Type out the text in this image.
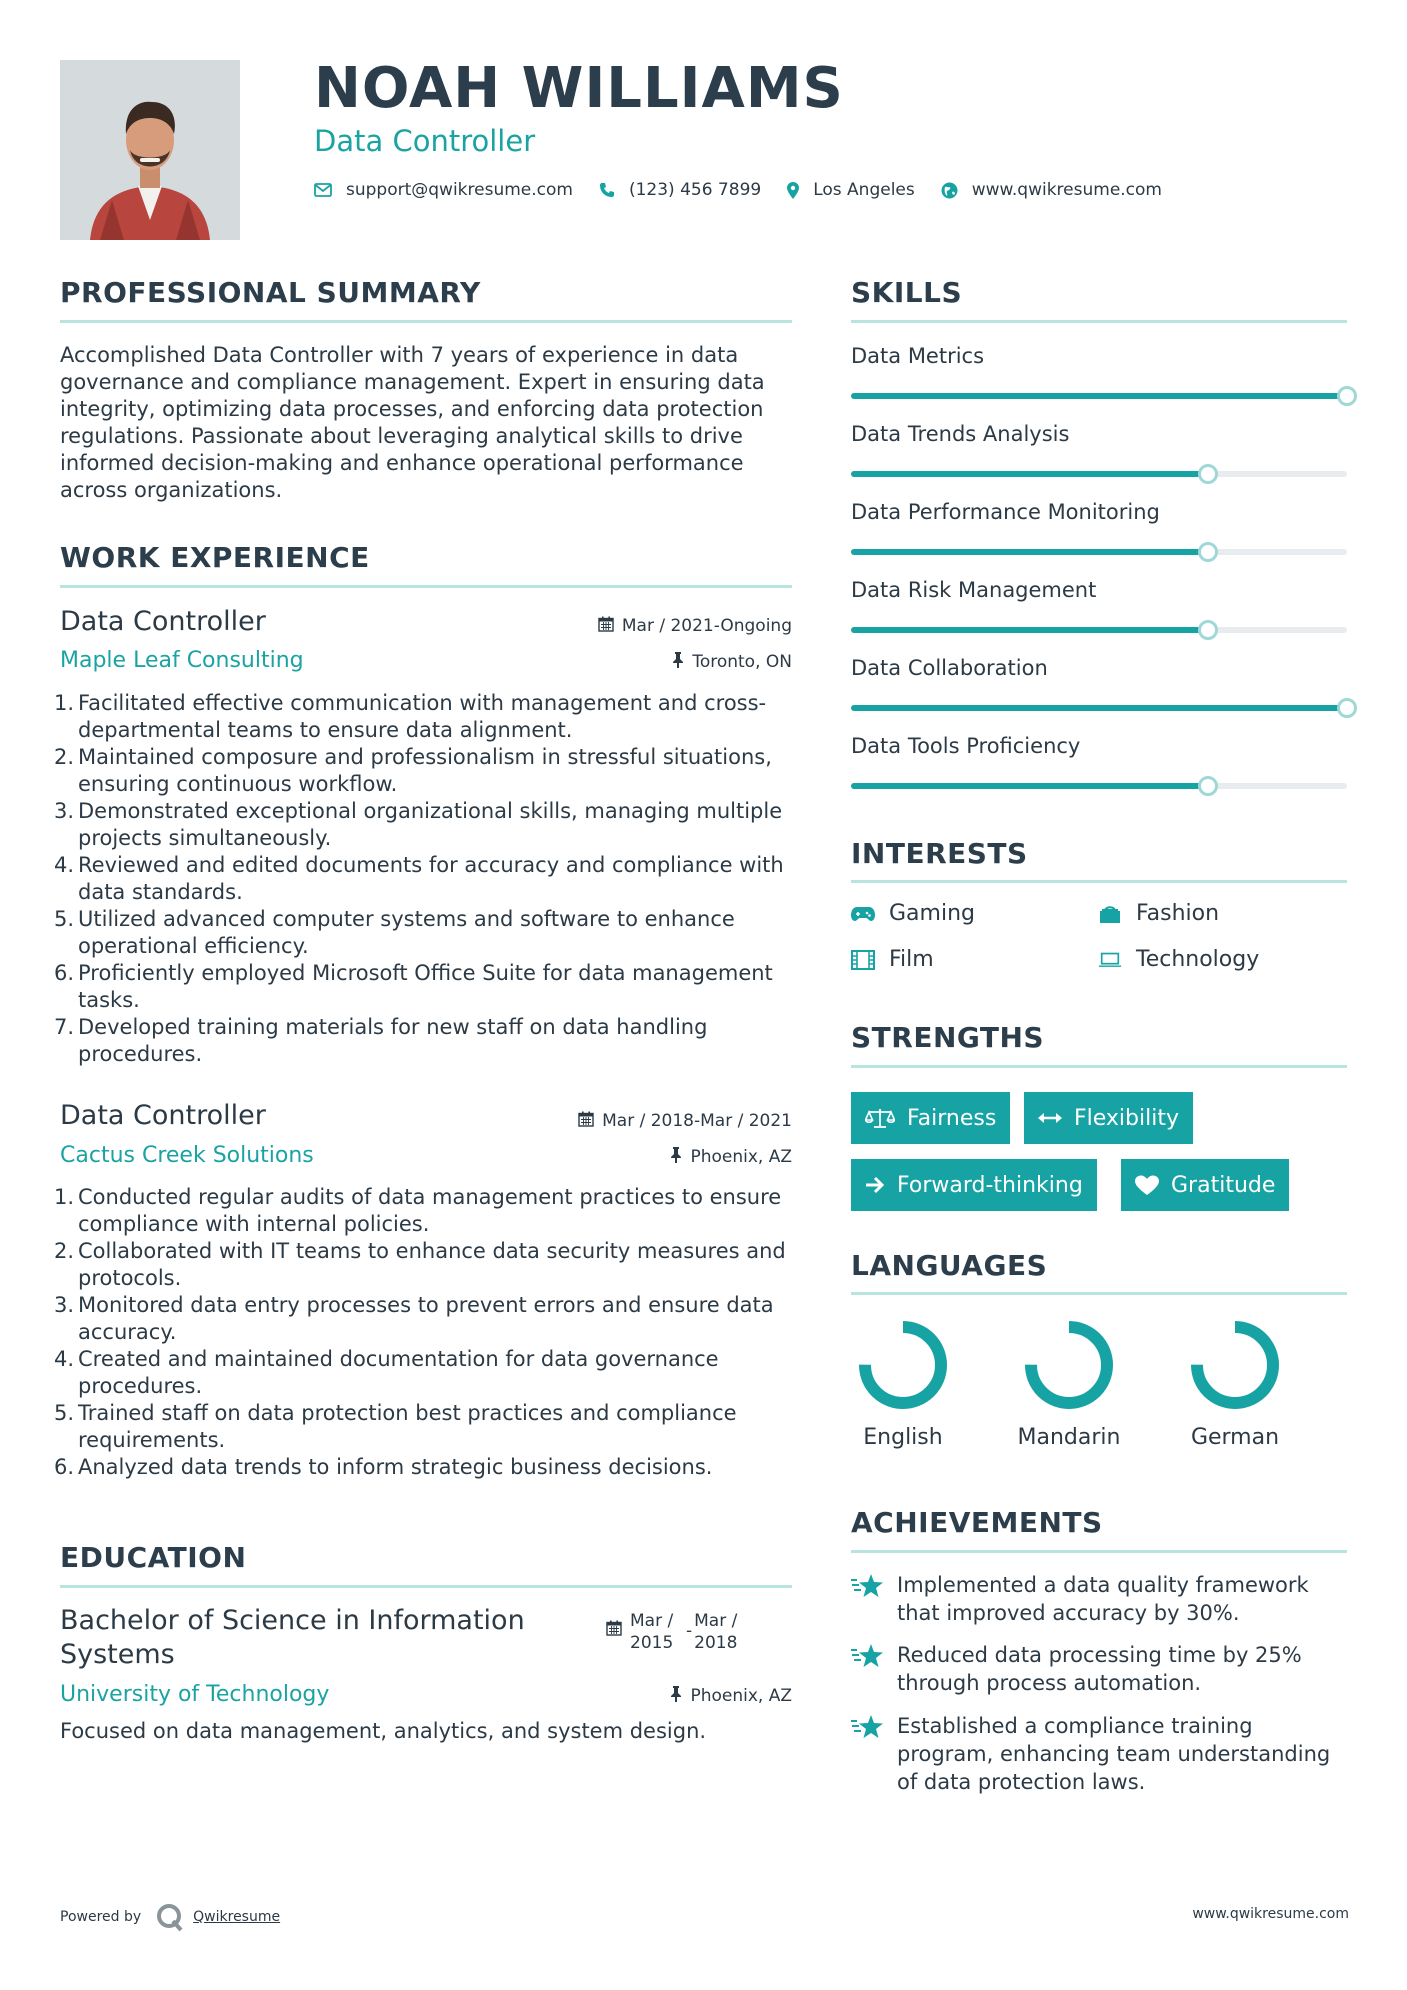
NOAH WILLIAMS
Data Controller
support@qwikresume.com	(123) 456 7899	Los Angeles	www.qwikresume.com
PROFESSIONAL SUMMARY
Accomplished Data Controller with 7 years of experience in data governance and compliance management. Expert in ensuring data integrity, optimizing data processes, and enforcing data protection regulations. Passionate about leveraging analytical skills to drive informed decision-making and enhance operational performance across organizations.
WORK EXPERIENCE
Data Controller	Mar / 2021-Ongoing
Maple Leaf Consulting	Toronto, ON
1. Facilitated effective communication with management and cross-departmental teams to ensure data alignment.
2. Maintained composure and professionalism in stressful situations, ensuring continuous workflow.
3. Demonstrated exceptional organizational skills, managing multiple projects simultaneously.
4. Reviewed and edited documents for accuracy and compliance with data standards.
5. Utilized advanced computer systems and software to enhance operational efficiency.
6. Proficiently employed Microsoft Office Suite for data management tasks.
7. Developed training materials for new staff on data handling procedures.
Data Controller	Mar / 2018-Mar / 2021
Cactus Creek Solutions	Phoenix, AZ
1. Conducted regular audits of data management practices to ensure compliance with internal policies.
2. Collaborated with IT teams to enhance data security measures and protocols.
3. Monitored data entry processes to prevent errors and ensure data accuracy.
4. Created and maintained documentation for data governance procedures.
5. Trained staff on data protection best practices and compliance requirements.
6. Analyzed data trends to inform strategic business decisions.
EDUCATION
Bachelor of Science in Information
Systems
Mar /
2015
- Mar /
2018
University of Technology	Phoenix, AZ
Focused on data management, analytics, and system design.
SKILLS
Data Metrics
Data Trends Analysis
Data Performance Monitoring
Data Risk Management
Data Collaboration
Data Tools Proficiency
INTERESTS
Gaming	Fashion
Film	Technology
STRENGTHS
Fairness	Flexibility
Forward-thinking	Gratitude
LANGUAGES
English	Mandarin	German
ACHIEVEMENTS
Implemented a data quality framework that improved accuracy by 30%.
Reduced data processing time by 25% through process automation.
Established a compliance training program, enhancing team understanding of data protection laws.
Powered by	Qwikresume	www.qwikresume.com
